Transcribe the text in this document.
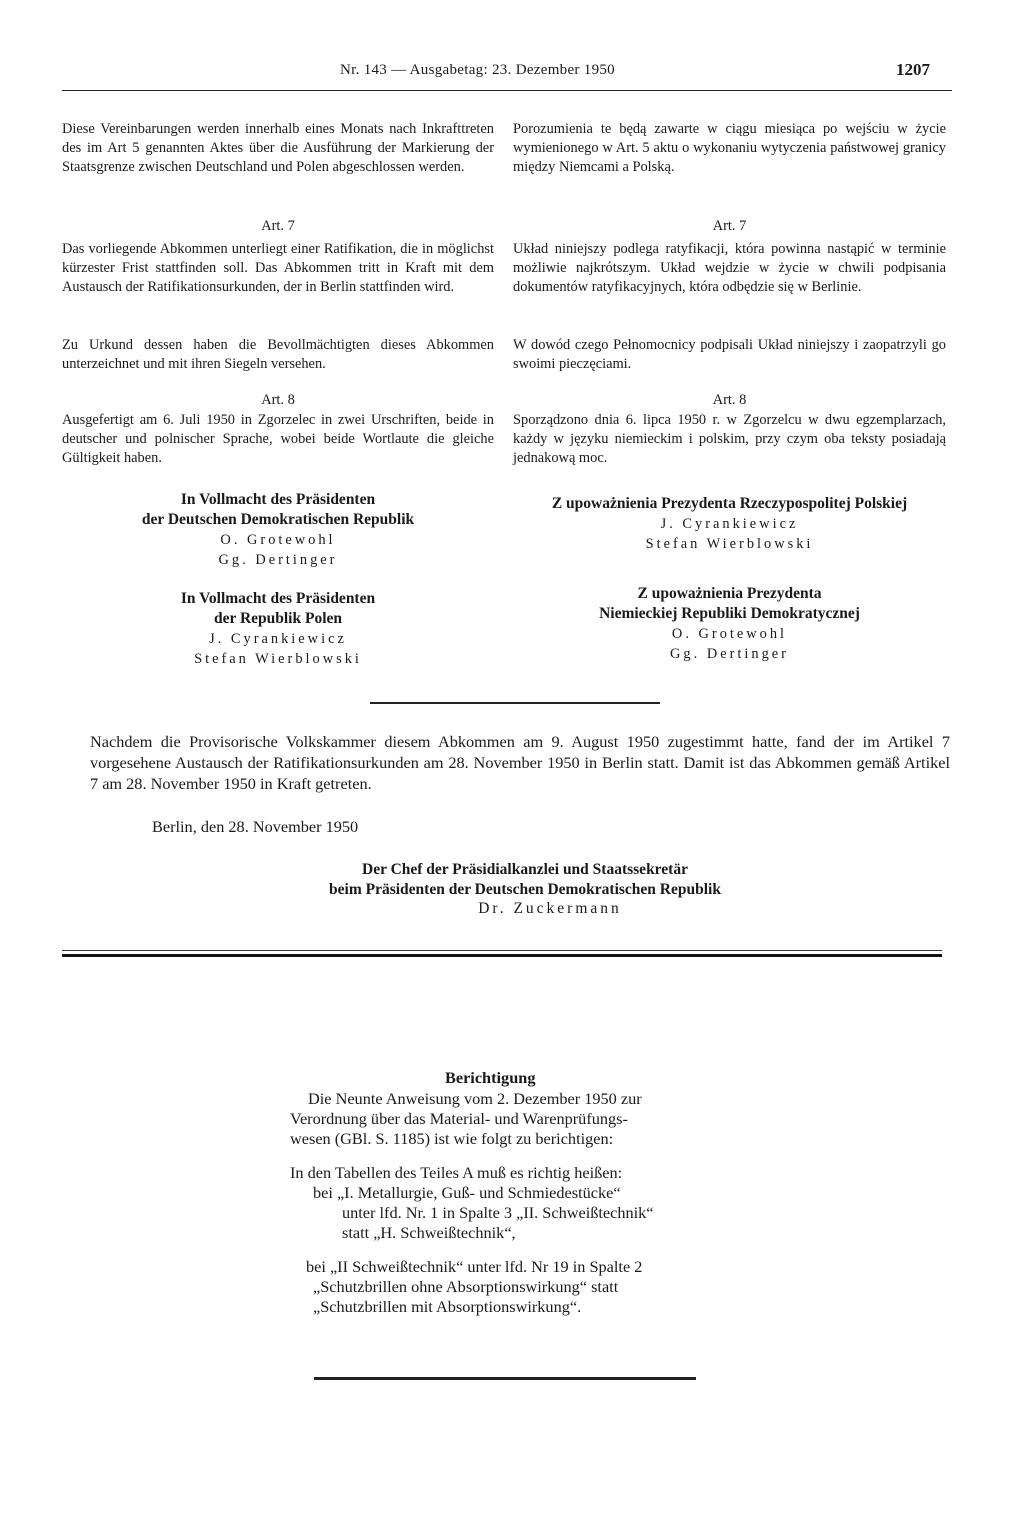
Nr. 143 — Ausgabetag: 23. Dezember 1950	1207
Diese Vereinbarungen werden innerhalb eines Monats nach Inkrafttreten des im Art 5 genannten Aktes über die Ausführung der Markierung der Staatsgrenze zwischen Deutschland und Polen abgeschlossen werden.
Art. 7
Das vorliegende Abkommen unterliegt einer Ratifikation, die in möglichst kürzester Frist stattfinden soll. Das Abkommen tritt in Kraft mit dem Austausch der Ratifikationsurkunden, der in Berlin stattfinden wird.
Zu Urkund dessen haben die Bevollmächtigten dieses Abkommen unterzeichnet und mit ihren Siegeln versehen.
Art. 8
Ausgefertigt am 6. Juli 1950 in Zgorzelec in zwei Urschriften, beide in deutscher und polnischer Sprache, wobei beide Wortlaute die gleiche Gültigkeit haben.
In Vollmacht des Präsidenten
der Deutschen Demokratischen Republik
O. Grotewohl
Gg. Dertinger
In Vollmacht des Präsidenten
der Republik Polen
J. Cyrankiewicz
Stefan Wierblowski
Porozumienia te będą zawarte w ciągu miesiąca po wejściu w życie wymienionego w Art. 5 aktu o wykonaniu wytyczenia państwowej granicy między Niemcami a Polską.
Art. 7
Układ niniejszy podlega ratyfikacji, która powinna nastąpić w terminie możliwie najkrótszym. Układ wejdzie w życie w chwili podpisania dokumentów ratyfikacyjnych, która odbędzie się w Berlinie.
W dowód czego Pełnomocnicy podpisali Układ niniejszy i zaopatrzyli go swoimi pieczęciami.
Art. 8
Sporządzono dnia 6. lipca 1950 r. w Zgorzelcu w dwu egzemplarzach, każdy w języku niemieckim i polskim, przy czym oba teksty posiadają jednakową moc.
Z upoważnienia Prezydenta Rzeczypospolitej Polskiej
J. Cyrankiewicz
Stefan Wierblowski
Z upoważnienia Prezydenta
Niemieckiej Republiki Demokratycznej
O. Grotewohl
Gg. Dertinger
Nachdem die Provisorische Volkskammer diesem Abkommen am 9. August 1950 zugestimmt hatte, fand der im Artikel 7 vorgesehene Austausch der Ratifikationsurkunden am 28. November 1950 in Berlin statt. Damit ist das Abkommen gemäß Artikel 7 am 28. November 1950 in Kraft getreten.
Berlin, den 28. November 1950
Der Chef der Präsidialkanzlei und Staatssekretär
beim Präsidenten der Deutschen Demokratischen Republik
Dr. Zuckermann
Berichtigung
Die Neunte Anweisung vom 2. Dezember 1950 zur
Verordnung über das Material- und Warenprüfungs-
wesen (GBl. S. 1185) ist wie folgt zu berichtigen:
In den Tabellen des Teiles A muß es richtig heißen:
bei „I. Metallurgie, Guß- und Schmiedestücke“
unter lfd. Nr. 1 in Spalte 3 „II. Schweißtechnik“
statt „H. Schweißtechnik“,
bei „II Schweißtechnik“ unter lfd. Nr 19 in Spalte 2
„Schutzbrillen ohne Absorptionswirkung“ statt
„Schutzbrillen mit Absorptionswirkung“.
